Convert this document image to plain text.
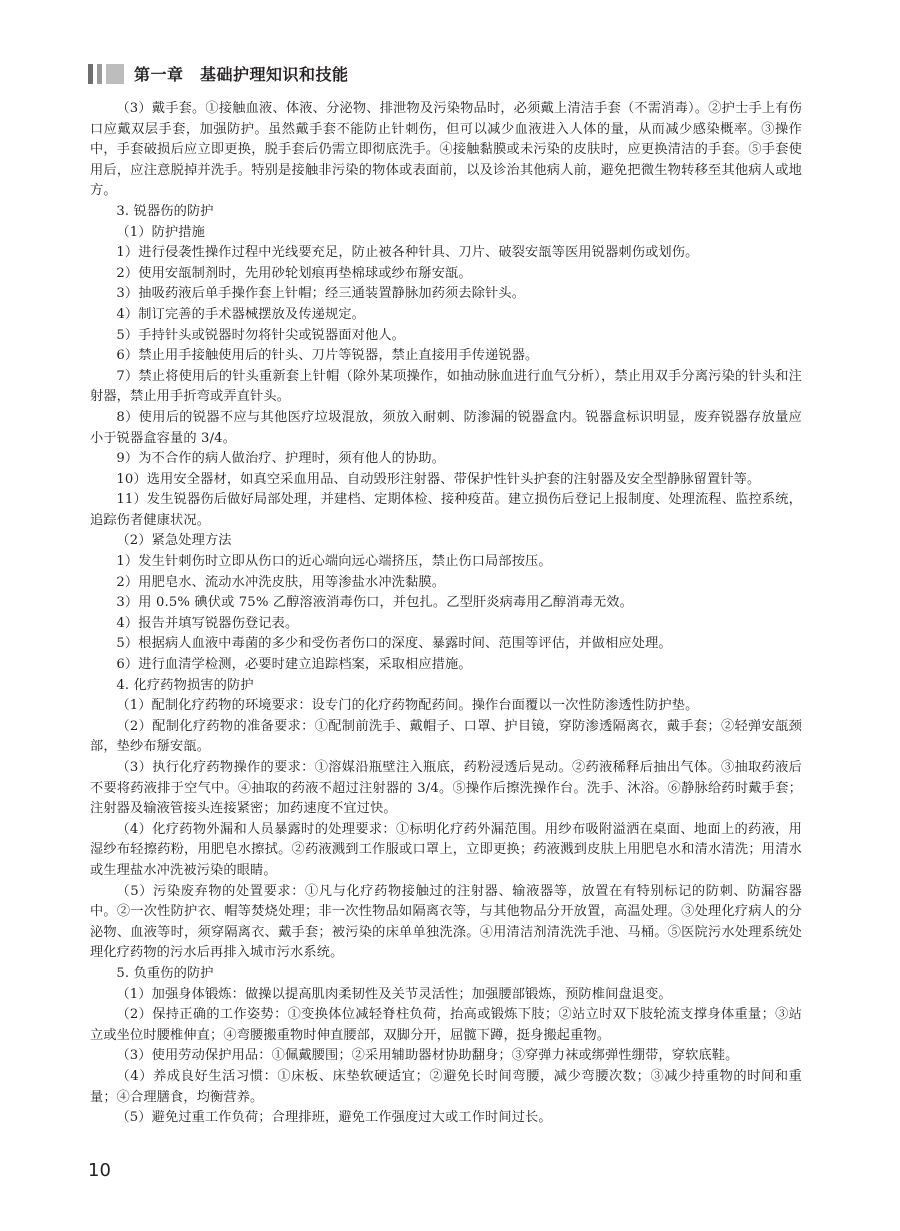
第一章　基础护理知识和技能

（3）戴手套。①接触血液、体液、分泌物、排泄物及污染物品时，必须戴上清洁手套（不需消毒）。②护士手上有伤口应戴双层手套，加强防护。虽然戴手套不能防止针刺伤，但可以减少血液进入人体的量，从而减少感染概率。③操作中，手套破损后应立即更换，脱手套后仍需立即彻底洗手。④接触黏膜或未污染的皮肤时，应更换清洁的手套。⑤手套使用后，应注意脱掉并洗手。特别是接触非污染的物体或表面前，以及诊治其他病人前，避免把微生物转移至其他病人或地方。

3. 锐器伤的防护

（1）防护措施

1）进行侵袭性操作过程中光线要充足，防止被各种针具、刀片、破裂安瓿等医用锐器刺伤或划伤。

2）使用安瓿制剂时，先用砂轮划痕再垫棉球或纱布掰安瓿。

3）抽吸药液后单手操作套上针帽；经三通装置静脉加药须去除针头。

4）制订完善的手术器械摆放及传递规定。

5）手持针头或锐器时勿将针尖或锐器面对他人。

6）禁止用手接触使用后的针头、刀片等锐器，禁止直接用手传递锐器。

7）禁止将使用后的针头重新套上针帽（除外某项操作，如抽动脉血进行血气分析），禁止用双手分离污染的针头和注射器，禁止用手折弯或弄直针头。

8）使用后的锐器不应与其他医疗垃圾混放，须放入耐刺、防渗漏的锐器盒内。锐器盒标识明显，废弃锐器存放量应小于锐器盒容量的 3/4。

9）为不合作的病人做治疗、护理时，须有他人的协助。

10）选用安全器材，如真空采血用品、自动毁形注射器、带保护性针头护套的注射器及安全型静脉留置针等。

11）发生锐器伤后做好局部处理，并建档、定期体检、接种疫苗。建立损伤后登记上报制度、处理流程、监控系统，追踪伤者健康状况。

（2）紧急处理方法

1）发生针刺伤时立即从伤口的近心端向远心端挤压，禁止伤口局部按压。

2）用肥皂水、流动水冲洗皮肤，用等渗盐水冲洗黏膜。

3）用 0.5% 碘伏或 75% 乙醇溶液消毒伤口，并包扎。乙型肝炎病毒用乙醇消毒无效。

4）报告并填写锐器伤登记表。

5）根据病人血液中毒菌的多少和受伤者伤口的深度、暴露时间、范围等评估，并做相应处理。

6）进行血清学检测，必要时建立追踪档案，采取相应措施。

4. 化疗药物损害的防护

（1）配制化疗药物的环境要求：设专门的化疗药物配药间。操作台面覆以一次性防渗透性防护垫。

（2）配制化疗药物的准备要求：①配制前洗手、戴帽子、口罩、护目镜，穿防渗透隔离衣，戴手套；②轻弹安瓿颈部，垫纱布掰安瓿。

（3）执行化疗药物操作的要求：①溶媒沿瓶壁注入瓶底，药粉浸透后晃动。②药液稀释后抽出气体。③抽取药液后不要将药液排于空气中。④抽取的药液不超过注射器的 3/4。⑤操作后擦洗操作台。洗手、沐浴。⑥静脉给药时戴手套；注射器及输液管接头连接紧密；加药速度不宜过快。

（4）化疗药物外漏和人员暴露时的处理要求：①标明化疗药外漏范围。用纱布吸附溢洒在桌面、地面上的药液，用湿纱布轻擦药粉，用肥皂水擦拭。②药液溅到工作服或口罩上，立即更换；药液溅到皮肤上用肥皂水和清水清洗；用清水或生理盐水冲洗被污染的眼睛。

（5）污染废弃物的处置要求：①凡与化疗药物接触过的注射器、输液器等，放置在有特别标记的防刺、防漏容器中。②一次性防护衣、帽等焚烧处理；非一次性物品如隔离衣等，与其他物品分开放置，高温处理。③处理化疗病人的分泌物、血液等时，须穿隔离衣、戴手套；被污染的床单单独洗涤。④用清洁剂清洗洗手池、马桶。⑤医院污水处理系统处理化疗药物的污水后再排入城市污水系统。

5. 负重伤的防护

（1）加强身体锻炼：做操以提高肌肉柔韧性及关节灵活性；加强腰部锻炼，预防椎间盘退变。

（2）保持正确的工作姿势：①变换体位减轻脊柱负荷，抬高或锻炼下肢；②站立时双下肢轮流支撑身体重量；③站立或坐位时腰椎伸直；④弯腰搬重物时伸直腰部，双脚分开，屈髋下蹲，挺身搬起重物。

（3）使用劳动保护用品：①佩戴腰围；②采用辅助器材协助翻身；③穿弹力袜或绑弹性绷带，穿软底鞋。

（4）养成良好生活习惯：①床板、床垫软硬适宜；②避免长时间弯腰，减少弯腰次数；③减少持重物的时间和重量；④合理膳食，均衡营养。

（5）避免过重工作负荷；合理排班，避免工作强度过大或工作时间过长。

10
